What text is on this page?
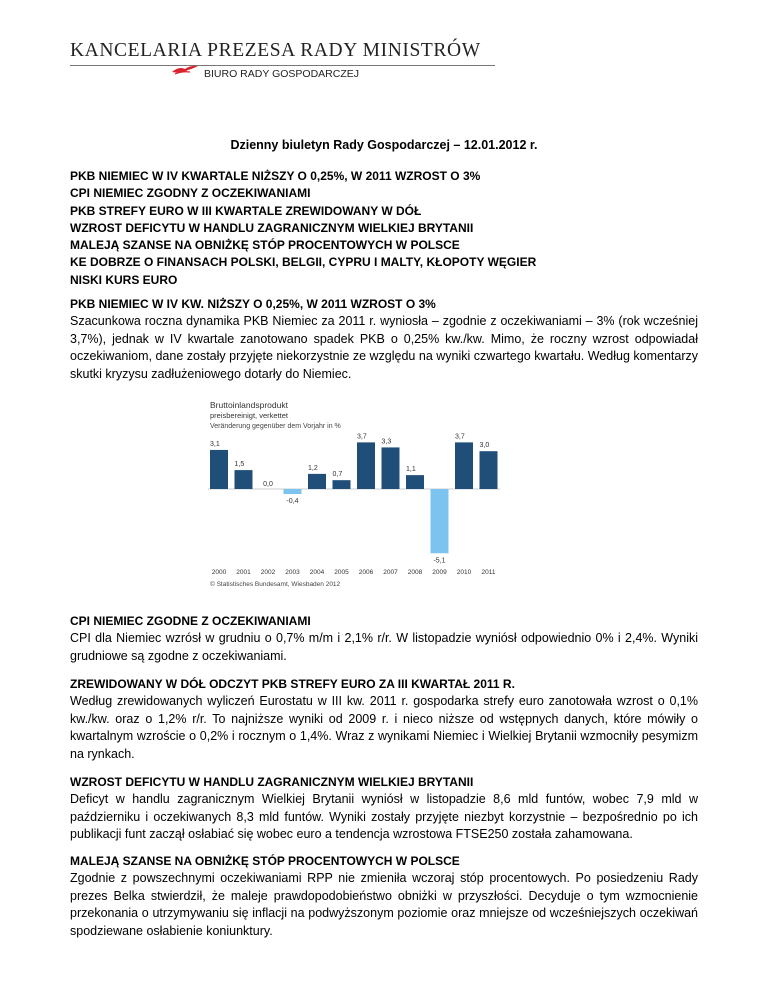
KANCELARIA PREZESA RADY MINISTRÓW
BIURO RADY GOSPODARCZEJ
Dzienny biuletyn Rady Gospodarczej – 12.01.2012 r.
PKB NIEMIEC W IV KWARTALE NIŻSZY O 0,25%, W 2011 WZROST O 3%
CPI NIEMIEC ZGODNY Z OCZEKIWANIAMI
PKB STREFY EURO W III KWARTALE ZREWIDOWANY W DÓŁ
WZROST DEFICYTU W HANDLU ZAGRANICZNYM WIELKIEJ BRYTANII
MALEJĄ SZANSE NA OBNIŻKĘ STÓP PROCENTOWYCH W POLSCE
KE DOBRZE O FINANSACH POLSKI, BELGII, CYPRU I MALTY, KŁOPOTY WĘGIER
NISKI KURS EURO
PKB NIEMIEC W IV KW. NIŻSZY O 0,25%, W 2011 WZROST O 3%

Szacunkowa roczna dynamika PKB Niemiec za 2011 r. wyniosła – zgodnie z oczekiwaniami – 3% (rok wcześniej 3,7%), jednak w IV kwartale zanotowano spadek PKB o 0,25% kw./kw. Mimo, że roczny wzrost odpowiadał oczekiwaniom, dane zostały przyjęte niekorzystnie ze względu na wyniki czwartego kwartału. Według komentarzy skutki kryzysu zadłużeniowego dotarły do Niemiec.

Bruttoinlandsprodukt
preisbereinigt, verkettet
Veränderung gegenüber dem Vorjahr in %
3,1
2000
1,5
2001
0,0
2002
-0,4
2003
1,2
2004
0,7
2005
3,7
2006
3,3
2007
1,1
2008
-5,1
2009
3,7
2010
3,0
2011
© Statistisches Bundesamt, Wiesbaden 2012
CPI NIEMIEC ZGODNE Z OCZEKIWANIAMI

CPI dla Niemiec wzrósł w grudniu o 0,7% m/m i 2,1% r/r. W listopadzie wyniósł odpowiednio 0% i 2,4%. Wyniki grudniowe są zgodne z oczekiwaniami.

ZREWIDOWANY W DÓŁ ODCZYT PKB STREFY EURO ZA III KWARTAŁ 2011 R.

Według zrewidowanych wyliczeń Eurostatu w III kw. 2011 r. gospodarka strefy euro zanotowała wzrost o 0,1% kw./kw. oraz o 1,2% r/r. To najniższe wyniki od 2009 r. i nieco niższe od wstępnych danych, które mówiły o kwartalnym wzroście o 0,2% i rocznym o 1,4%. Wraz z wynikami Niemiec i Wielkiej Brytanii wzmocniły pesymizm na rynkach.

WZROST DEFICYTU W HANDLU ZAGRANICZNYM WIELKIEJ BRYTANII

Deficyt w handlu zagranicznym Wielkiej Brytanii wyniósł w listopadzie 8,6 mld funtów, wobec 7,9 mld w październiku i oczekiwanych 8,3 mld funtów. Wyniki zostały przyjęte niezbyt korzystnie – bezpośrednio po ich publikacji funt zaczął osłabiać się wobec euro a tendencja wzrostowa FTSE250 została zahamowana.

MALEJĄ SZANSE NA OBNIŻKĘ STÓP PROCENTOWYCH W POLSCE

Zgodnie z powszechnymi oczekiwaniami RPP nie zmieniła wczoraj stóp procentowych. Po posiedzeniu Rady prezes Belka stwierdził, że maleje prawdopodobieństwo obniżki w przyszłości. Decyduje o tym wzmocnienie przekonania o utrzymywaniu się inflacji na podwyższonym poziomie oraz mniejsze od wcześniejszych oczekiwań spodziewane osłabienie koniunktury.
